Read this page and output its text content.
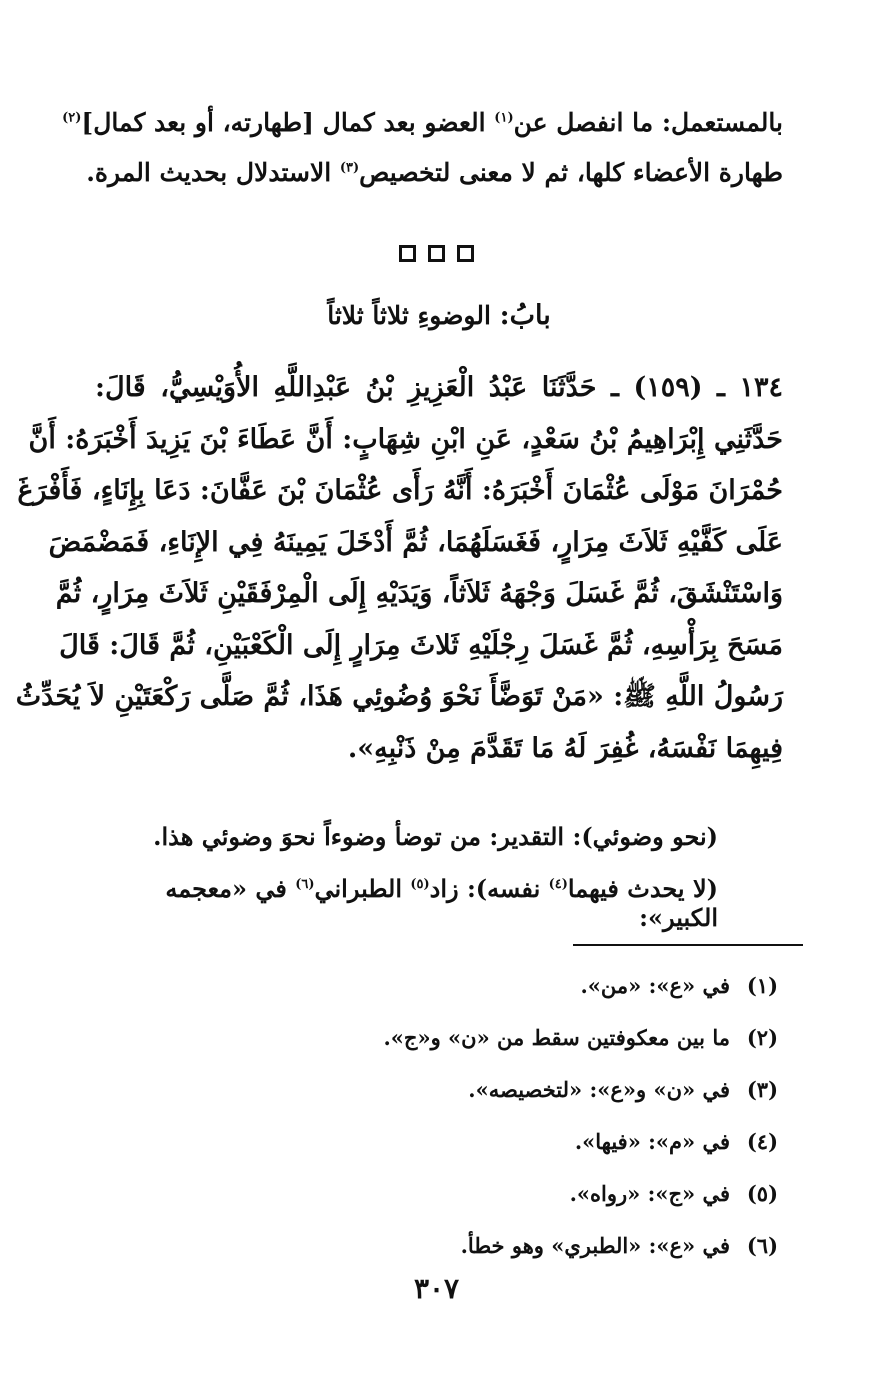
بالمستعمل: ما انفصل عن$^{(١)}$ العضو بعد كمال [طهارته، أو بعد كمال]$^{(٢)}$
طهارة الأعضاء كلها، ثم لا معنى لتخصيص$^{(٣)}$ الاستدلال بحديث المرة.

بابُ: الوضوءِ ثلاثاً ثلاثاً

١٣٤ ـ (١٥٩) ـ حَدَّثَنَا عَبْدُ الْعَزِيزِ بْنُ عَبْدِاللَّهِ الأُوَيْسِيُّ، قَالَ:
حَدَّثَنِي إِبْرَاهِيمُ بْنُ سَعْدٍ، عَنِ ابْنِ شِهَابٍ: أَنَّ عَطَاءَ بْنَ يَزِيدَ أَخْبَرَهُ: أَنَّ
حُمْرَانَ مَوْلَى عُثْمَانَ أَخْبَرَهُ: أَنَّهُ رَأَى عُثْمَانَ بْنَ عَفَّانَ: دَعَا بِإِنَاءٍ، فَأَفْرَغَ
عَلَى كَفَّيْهِ ثَلاَثَ مِرَارٍ، فَغَسَلَهُمَا، ثُمَّ أَدْخَلَ يَمِينَهُ فِي الإِنَاءِ، فَمَضْمَضَ
وَاسْتَنْشَقَ، ثُمَّ غَسَلَ وَجْهَهُ ثَلاَثاً، وَيَدَيْهِ إِلَى الْمِرْفَقَيْنِ ثَلاَثَ مِرَارٍ، ثُمَّ
مَسَحَ بِرَأْسِهِ، ثُمَّ غَسَلَ رِجْلَيْهِ ثَلاثَ مِرَارٍ إِلَى الْكَعْبَيْنِ، ثُمَّ قَالَ: قَالَ
رَسُولُ اللَّهِ ﷺ: «مَنْ تَوَضَّأَ نَحْوَ وُضُوئِي هَذَا، ثُمَّ صَلَّى رَكْعَتَيْنِ لاَ يُحَدِّثُ
فِيهِمَا نَفْسَهُ، غُفِرَ لَهُ مَا تَقَدَّمَ مِنْ ذَنْبِهِ».

(نحو وضوئي): التقدير: من توضأ وضوءاً نحوَ وضوئي هذا.
(لا يحدث فيهما$^{(٤)}$ نفسه): زاد$^{(٥)}$ الطبراني$^{(٦)}$ في «معجمه الكبير»:
(١)
في «ع»: «من».
(٢)
ما بين معكوفتين سقط من «ن» و«ج».
(٣)
في «ن» و«ع»: «لتخصيصه».
(٤)
في «م»: «فيها».
(٥)
في «ج»: «رواه».
(٦)
في «ع»: «الطبري» وهو خطأ.
٣٠٧
